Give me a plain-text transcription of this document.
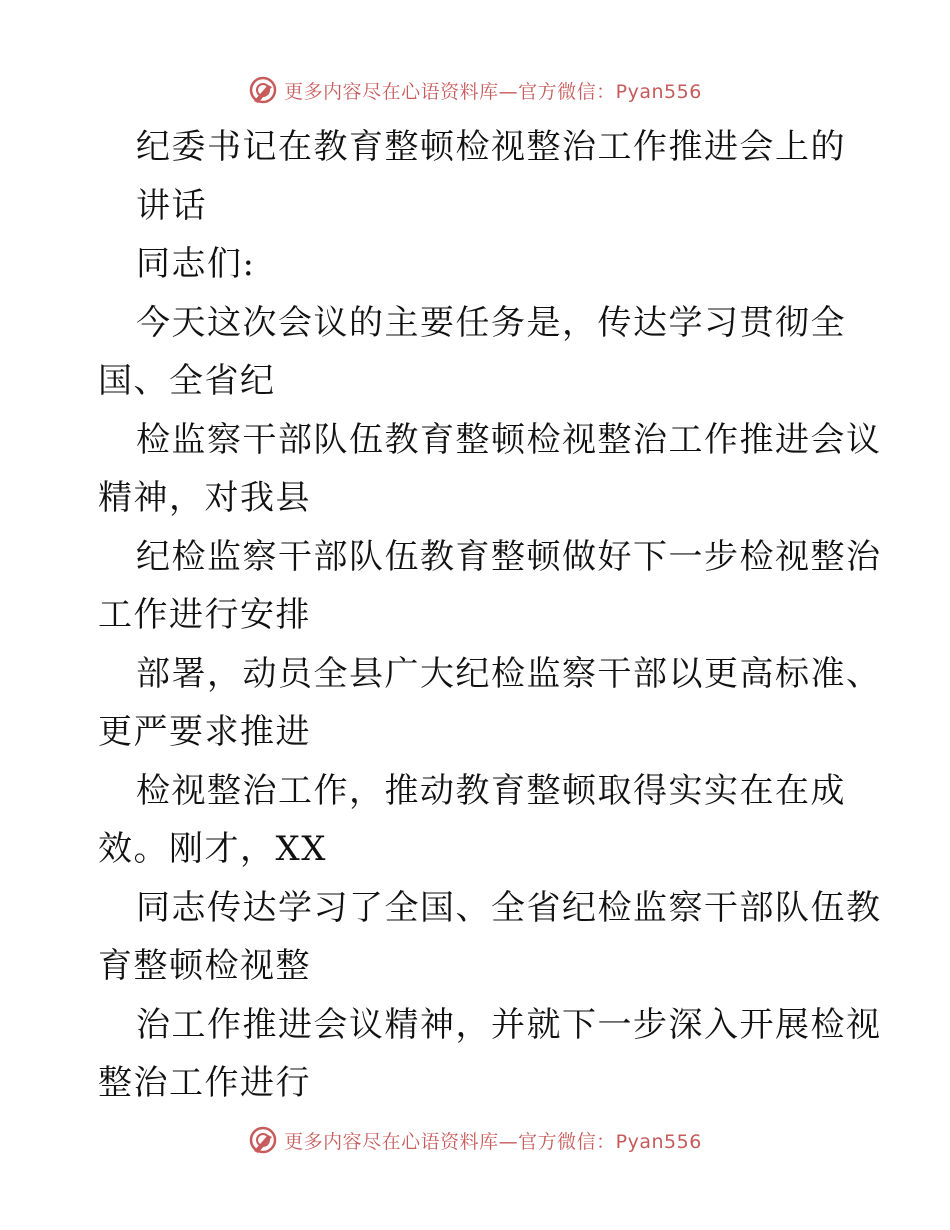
更多内容尽在心语资料库—官方微信：Pyan556
纪委书记在教育整顿检视整治工作推进会上的
讲话
同志们:
今天这次会议的主要任务是，传达学习贯彻全
国、全省纪
检监察干部队伍教育整顿检视整治工作推进会议
精神，对我县
纪检监察干部队伍教育整顿做好下一步检视整治
工作进行安排
部署，动员全县广大纪检监察干部以更高标准、
更严要求推进
检视整治工作，推动教育整顿取得实实在在成
效。刚才，XX
同志传达学习了全国、全省纪检监察干部队伍教
育整顿检视整
治工作推进会议精神，并就下一步深入开展检视
整治工作进行
更多内容尽在心语资料库—官方微信：Pyan556
